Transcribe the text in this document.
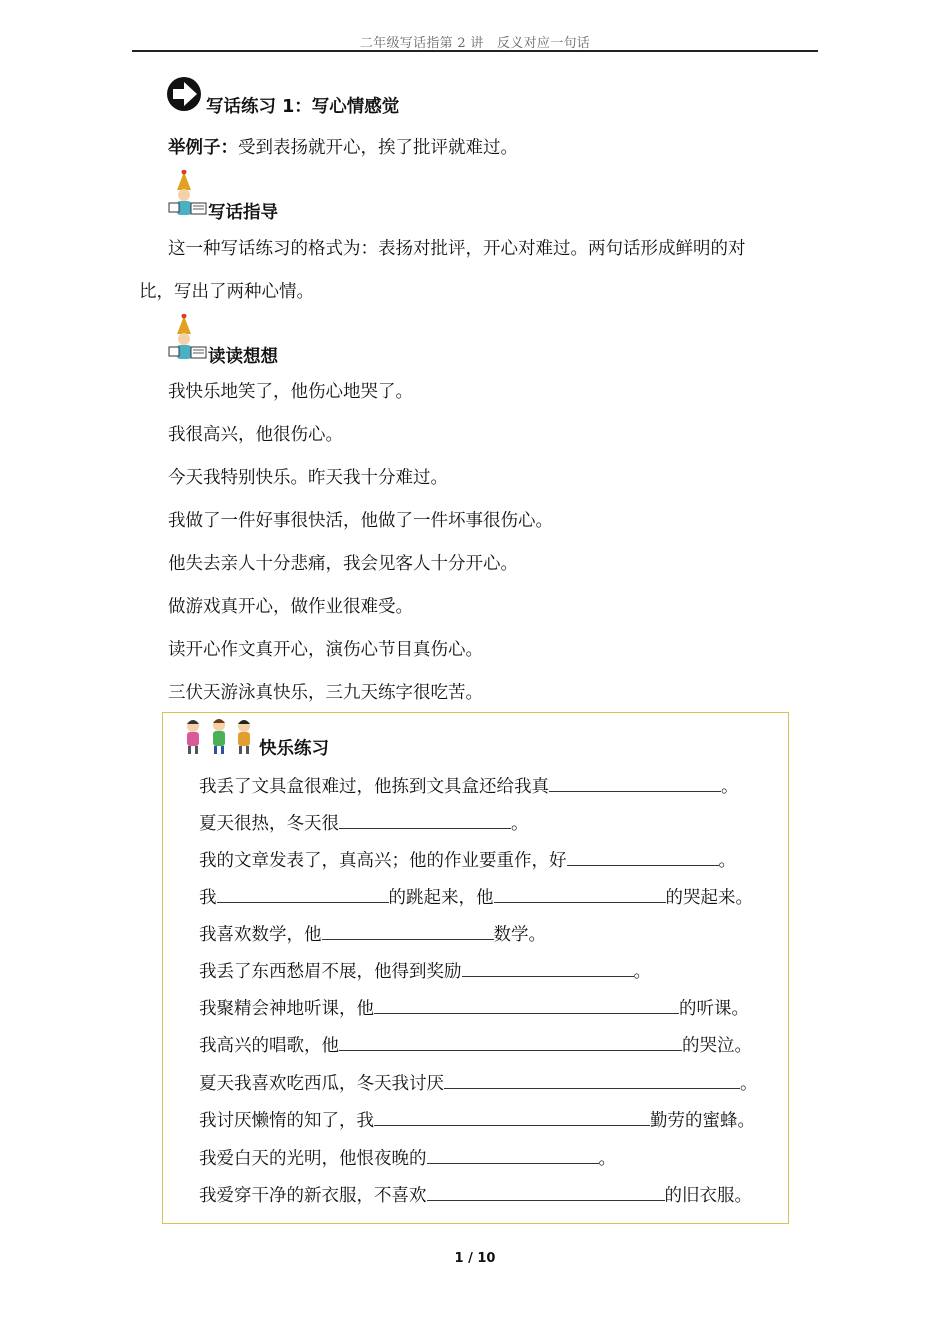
二年级写话指第 2 讲　反义对应一句话
写话练习 1：写心情感觉
举例子：受到表扬就开心，挨了批评就难过。
写话指导
这一种写话练习的格式为：表扬对批评，开心对难过。两句话形成鲜明的对
比，写出了两种心情。
读读想想
我快乐地笑了，他伤心地哭了。
我很高兴，他很伤心。
今天我特别快乐。昨天我十分难过。
我做了一件好事很快活，他做了一件坏事很伤心。
他失去亲人十分悲痛，我会见客人十分开心。
做游戏真开心，做作业很难受。
读开心作文真开心，演伤心节目真伤心。
三伏天游泳真快乐，三九天练字很吃苦。
快乐练习
我丢了文具盒很难过，他拣到文具盒还给我真	。
夏天很热，冬天很	。
我的文章发表了，真高兴；他的作业要重作，好	。
我	的跳起来，他	的哭起来。
我喜欢数学，他	数学。
我丢了东西愁眉不展，他得到奖励	。
我聚精会神地听课，他	的听课。
我高兴的唱歌，他	的哭泣。
夏天我喜欢吃西瓜，冬天我讨厌	。
我讨厌懒惰的知了，我	勤劳的蜜蜂。
我爱白天的光明，他恨夜晚的	。
我爱穿干净的新衣服，不喜欢	的旧衣服。
1 / 10
